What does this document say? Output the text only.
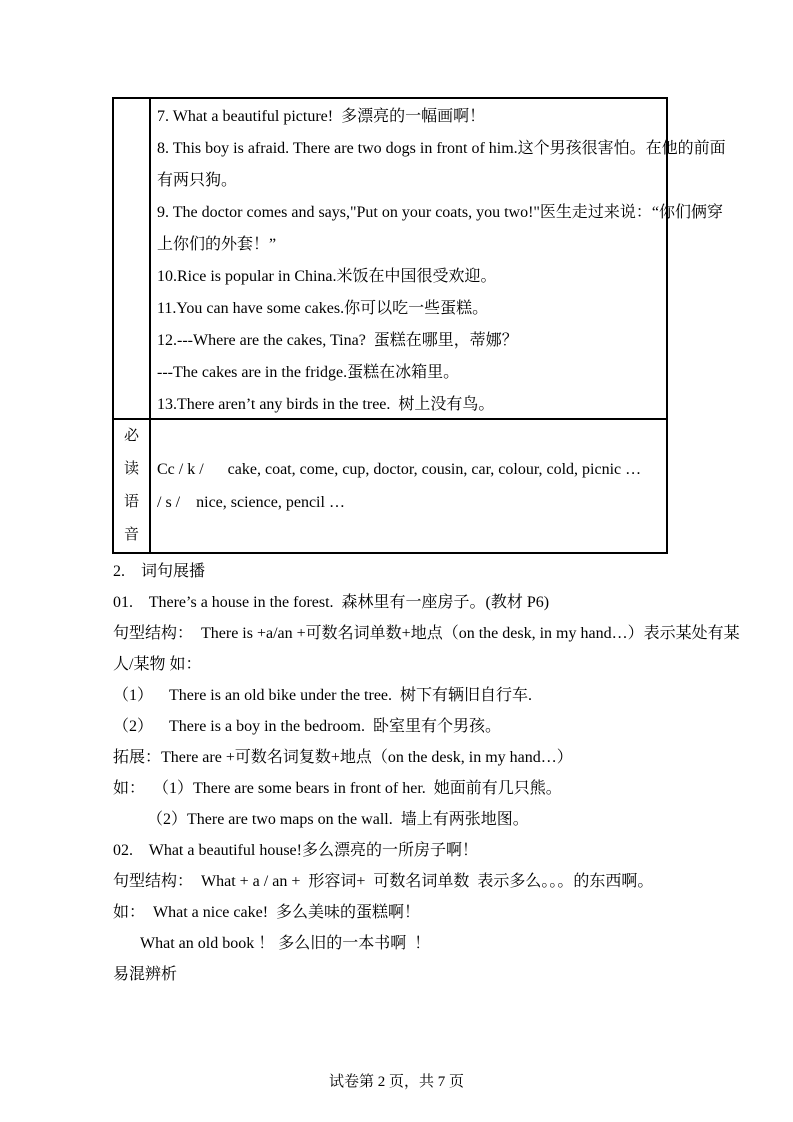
7. What a beautiful picture!  多漂亮的一幅画啊！
8. This boy is afraid. There are two dogs in front of him.这个男孩很害怕。在他的前面
有两只狗。
9. The doctor comes and says,"Put on your coats, you two!"医生走过来说：“你们俩穿
上你们的外套！”
10.Rice is popular in China.米饭在中国很受欢迎。
11.You can have some cakes.你可以吃一些蛋糕。
12.---Where are the cakes, Tina?  蛋糕在哪里，蒂娜？
---The cakes are in the fridge.蛋糕在冰箱里。
13.There aren’t any birds in the tree.  树上没有鸟。
必
读
语
音
Cc / k /      cake, coat, come, cup, doctor, cousin, car, colour, cold, picnic …
/ s /    nice, science, pencil …
2.    词句展播
01.    There’s a house in the forest.  森林里有一座房子。(教材 P6)
句型结构：  There is +a/an +可数名词单数+地点（on the desk, in my hand…）表示某处有某
人/某物 如：
（1）    There is an old bike under the tree.  树下有辆旧自行车.
（2）    There is a boy in the bedroom.  卧室里有个男孩。
拓展：There are +可数名词复数+地点（on the desk, in my hand…）
如：  （1）There are some bears in front of her.  她面前有几只熊。
（2）There are two maps on the wall.  墙上有两张地图。
02.    What a beautiful house!多么漂亮的一所房子啊！
句型结构：  What + a / an +  形容词+  可数名词单数  表示多么。。。的东西啊。
如：  What a nice cake!  多么美味的蛋糕啊！
What an old book ！ 多么旧的一本书啊  ！
易混辨析
试卷第 2 页，共 7 页
